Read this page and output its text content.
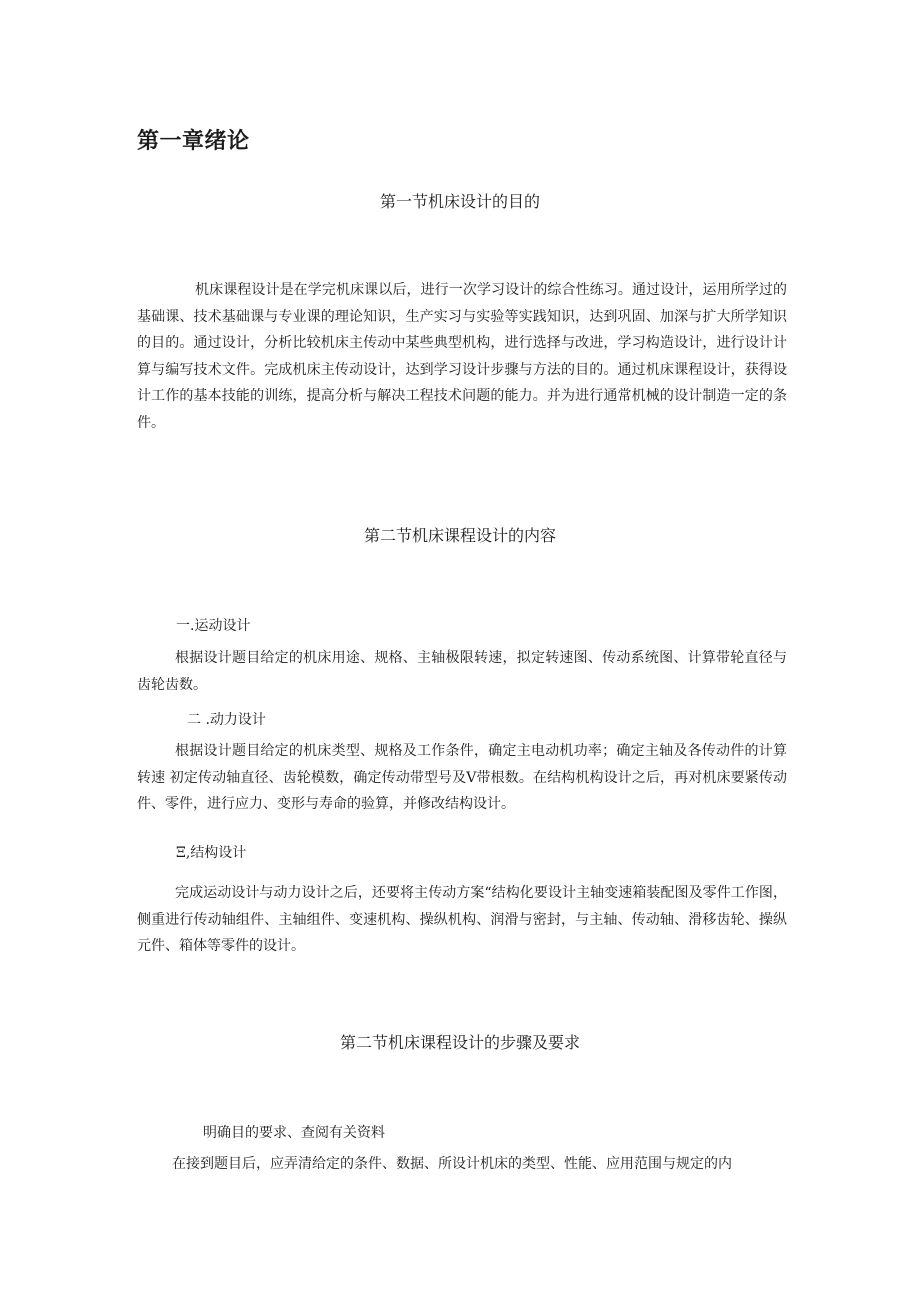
第一章绪论
第一节机床设计的目的
机床课程设计是在学完机床课以后，进行一次学习设计的综合性练习。通过设计，运用所学过的基础课、技术基础课与专业课的理论知识，生产实习与实验等实践知识，达到巩固、加深与扩大所学知识的目的。通过设计，分析比较机床主传动中某些典型机构，进行选择与改进，学习构造设计，进行设计计算与编写技术文件。完成机床主传动设计，达到学习设计步骤与方法的目的。通过机床课程设计，获得设计工作的基本技能的训练，提高分析与解决工程技术问题的能力。并为进行通常机械的设计制造一定的条件。
第二节机床课程设计的内容
一.运动设计
根据设计题目给定的机床用途、规格、主轴极限转速，拟定转速图、传动系统图、计算带轮直径与齿轮齿数。
二 .动力设计
根据设计题目给定的机床类型、规格及工作条件，确定主电动机功率；确定主轴及各传动件的计算转速 初定传动轴直径、齿轮模数，确定传动带型号及V带根数。在结构机构设计之后，再对机床要紧传动件、零件，进行应力、变形与寿命的验算，并修改结构设计。
Ξ,结构设计
完成运动设计与动力设计之后，还要将主传动方案“结构化要设计主轴变速箱装配图及零件工作图，侧重进行传动轴组件、主轴组件、变速机构、操纵机构、润滑与密封，与主轴、传动轴、滑移齿轮、操纵元件、箱体等零件的设计。
第二节机床课程设计的步骤及要求
明确目的要求、查阅有关资料
在接到题目后，应弄清给定的条件、数据、所设计机床的类型、性能、应用范围与规定的内
